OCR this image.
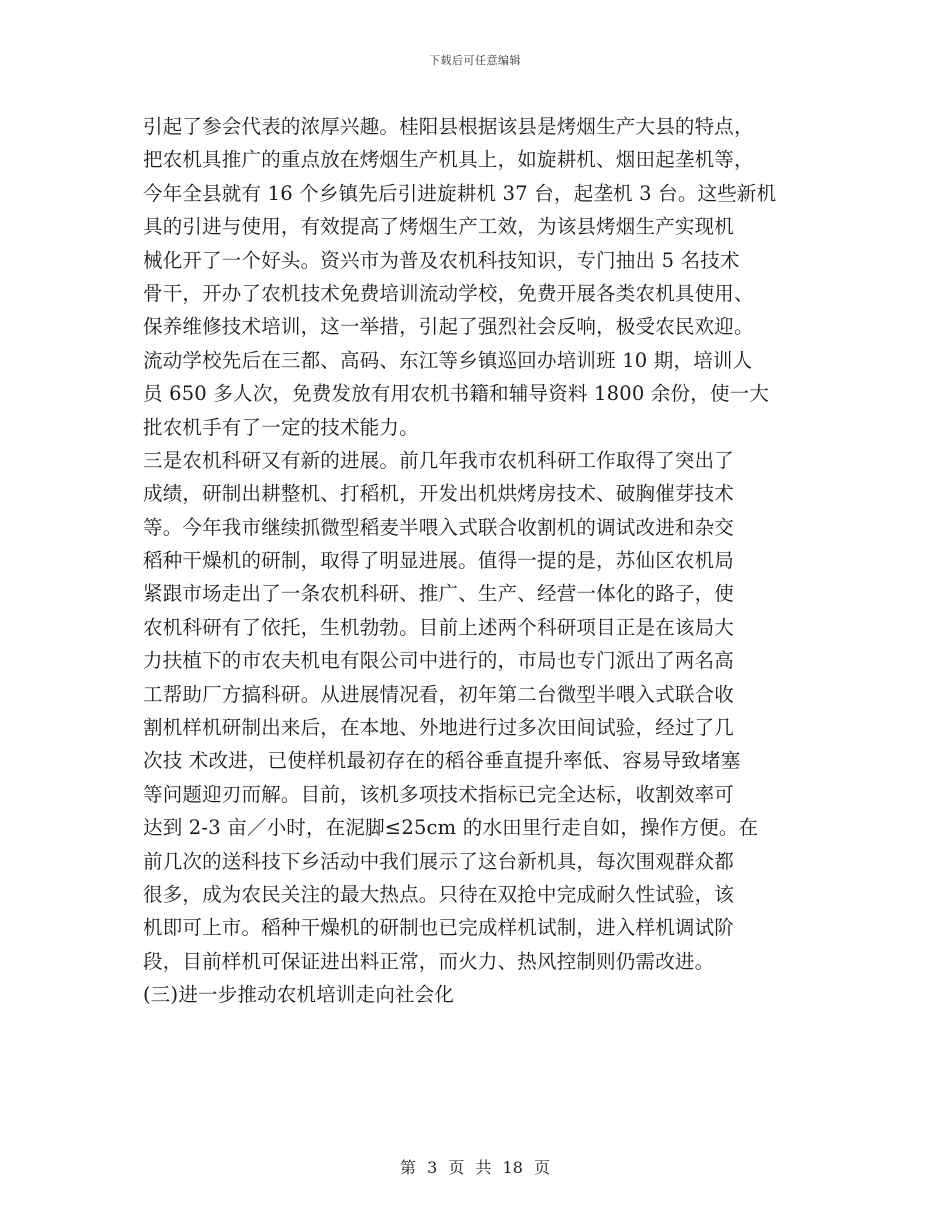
下载后可任意编辑
引起了参会代表的浓厚兴趣。桂阳县根据该县是烤烟生产大县的特点，
把农机具推广的重点放在烤烟生产机具上，如旋耕机、烟田起垄机等，
今年全县就有 16 个乡镇先后引进旋耕机 37 台，起垄机 3 台。这些新机
具的引进与使用，有效提高了烤烟生产工效，为该县烤烟生产实现机
械化开了一个好头。资兴市为普及农机科技知识，专门抽出 5 名技术
骨干，开办了农机技术免费培训流动学校，免费开展各类农机具使用、
保养维修技术培训，这一举措，引起了强烈社会反响，极受农民欢迎。
流动学校先后在三都、高码、东江等乡镇巡回办培训班 10 期，培训人
员 650 多人次，免费发放有用农机书籍和辅导资料 1800 余份，使一大
批农机手有了一定的技术能力。
三是农机科研又有新的进展。前几年我市农机科研工作取得了突出了
成绩，研制出耕整机、打稻机，开发出机烘烤房技术、破胸催芽技术
等。今年我市继续抓微型稻麦半喂入式联合收割机的调试改进和杂交
稻种干燥机的研制，取得了明显进展。值得一提的是，苏仙区农机局
紧跟市场走出了一条农机科研、推广、生产、经营一体化的路子，使
农机科研有了依托，生机勃勃。目前上述两个科研项目正是在该局大
力扶植下的市农夫机电有限公司中进行的，市局也专门派出了两名高
工帮助厂方搞科研。从进展情况看，初年第二台微型半喂入式联合收
割机样机研制出来后，在本地、外地进行过多次田间试验，经过了几
次技 术改进，已使样机最初存在的稻谷垂直提升率低、容易导致堵塞
等问题迎刃而解。目前，该机多项技术指标已完全达标，收割效率可
达到 2-3 亩／小时，在泥脚≤25cm 的水田里行走自如，操作方便。在
前几次的送科技下乡活动中我们展示了这台新机具，每次围观群众都
很多，成为农民关注的最大热点。只待在双抢中完成耐久性试验，该
机即可上市。稻种干燥机的研制也已完成样机试制，进入样机调试阶
段，目前样机可保证进出料正常，而火力、热风控制则仍需改进。
(三)进一步推动农机培训走向社会化
第 3 页 共 18 页
